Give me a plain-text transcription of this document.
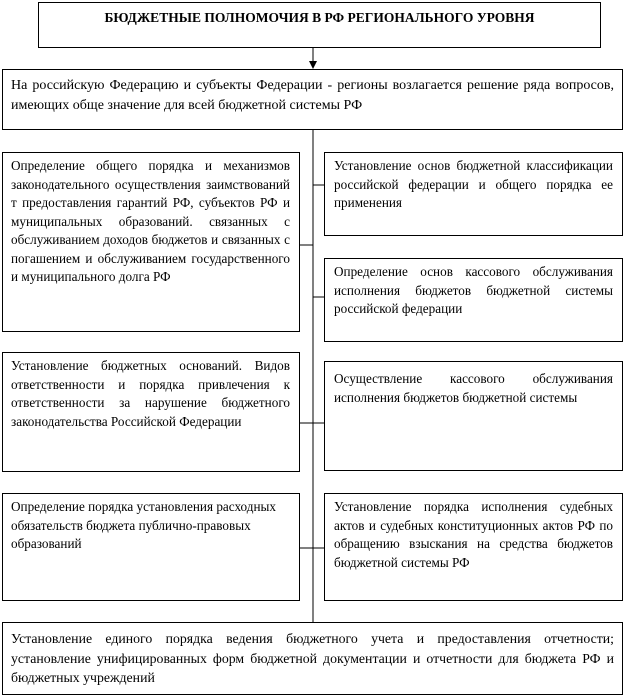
БЮДЖЕТНЫЕ ПОЛНОМОЧИЯ В РФ РЕГИОНАЛЬНОГО УРОВНЯ
На российскую Федерацию и субъекты Федерации - регионы возлагается решение ряда вопросов, имеющих обще значение для всей бюджетной системы РФ
Определение общего порядка и механизмов законодательного осуществления заимствований т предоставления гарантий РФ, субъектов РФ и муниципальных образований. связанных с обслуживанием доходов бюджетов и связанных с погашением и обслуживанием государственного и муниципального долга РФ
Установление бюджетных оснований. Видов ответственности и порядка привлечения к ответственности за нарушение бюджетного законодательства Российской Федерации
Определение порядка установления расходных обязательств бюджета публично-правовых образований
Установление основ бюджетной классификации российской федерации и общего порядка ее применения
Определение основ кассового обслуживания исполнения бюджетов бюджетной системы российской федерации
Осуществление кассового обслуживания исполнения бюджетов бюджетной системы
Установление порядка исполнения судебных актов и судебных конституционных актов РФ по обращению взыскания на средства бюджетов бюджетной системы РФ
Установление единого порядка ведения бюджетного учета и предоставления отчетности; установление унифицированных форм бюджетной документации и отчетности для бюджета РФ и бюджетных учреждений
